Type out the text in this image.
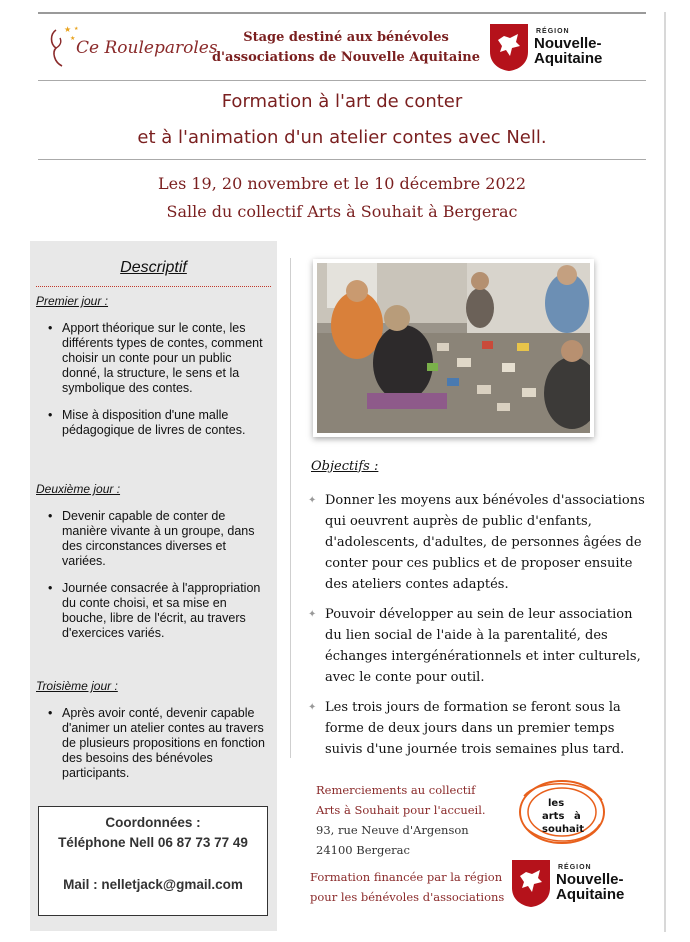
★
★
★
Ce Rouleparoles
Stage destiné aux bénévoles
d'associations de Nouvelle Aquitaine
RÉGION
Nouvelle-
Aquitaine
Formation à l'art de conter
et à l'animation d'un atelier contes avec Nell.
Les 19, 20 novembre et le 10 décembre 2022
Salle du collectif Arts à Souhait à Bergerac
Descriptif
Premier jour :
• Apport théorique sur le conte, les différents types de contes, comment choisir un conte pour un public donné, la structure, le sens et la symbolique des contes.
• Mise à disposition d'une malle pédagogique de livres de contes.
Deuxième jour :
• Devenir capable de conter de manière vivante à un groupe, dans des circonstances diverses et variées.
• Journée consacrée à l'appropriation du conte choisi, et sa mise en bouche, libre de l'écrit, au travers d'exercices variés.
Troisième jour :
• Après avoir conté, devenir capable d'animer un atelier contes au travers de plusieurs propositions en fonction des besoins des bénévoles participants.
Coordonnées :
Téléphone Nell 06 87 73 77 49
Mail : nelletjack@gmail.com
Objectifs :
✦ Donner les moyens aux bénévoles d'associations qui oeuvrent auprès de public d'enfants, d'adolescents, d'adultes, de personnes âgées de conter pour ces publics et de proposer ensuite des ateliers contes adaptés.
✦ Pouvoir développer au sein de leur association du lien social de l'aide à la parentalité, des échanges intergénérationnels et inter culturels, avec le conte pour outil.
✦ Les trois jours de formation se feront sous la forme de deux jours dans un premier temps suivis d'une journée trois semaines plus tard.
Remerciements au collectif
Arts à Souhait pour l'accueil.
93, rue Neuve d'Argenson
24100 Bergerac
les
arts à
souhait
Formation financée par la région
pour les bénévoles d'associations
RÉGION
Nouvelle-
Aquitaine
